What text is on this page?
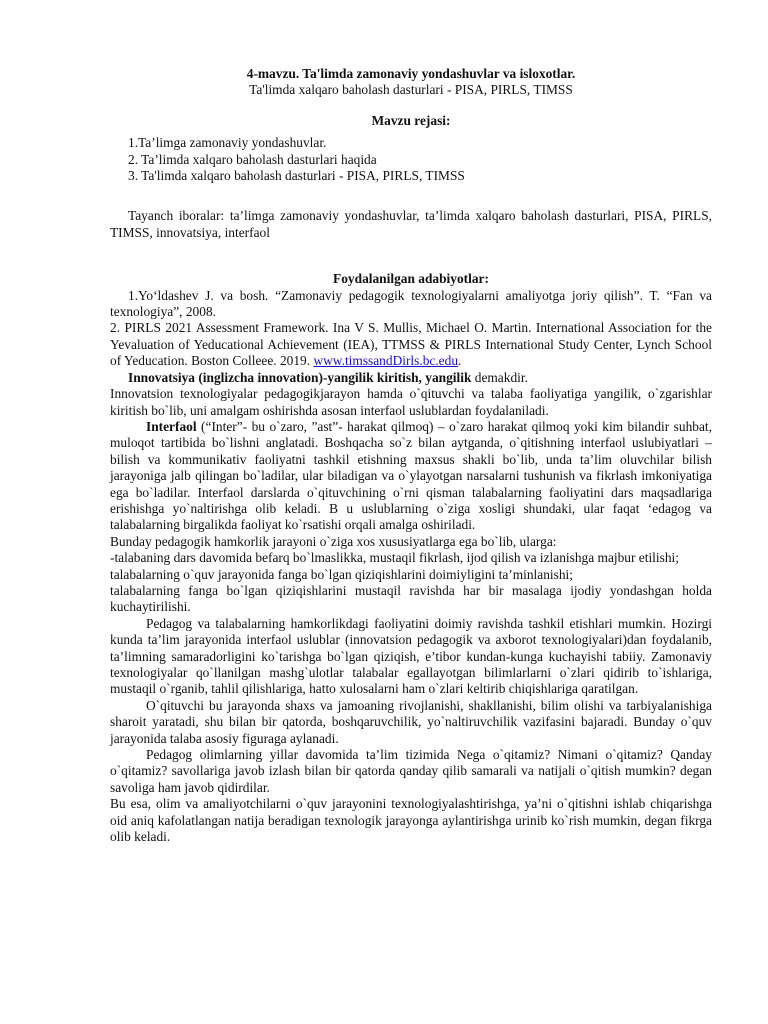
4-mavzu. Ta'limda zamonaviy yondashuvlar va isloxotlar.

Ta'limda xalqaro baholash dasturlari - PISA, PIRLS, TIMSS

Mavzu rejasi:

1.Ta’limga zamonaviy yondashuvlar.

2. Ta’limda xalqaro baholash dasturlari haqida

3. Ta'limda xalqaro baholash dasturlari - PISA, PIRLS, TIMSS

Tayanch iboralar: ta’limga zamonaviy yondashuvlar, ta’limda xalqaro baholash dasturlari, PISA, PIRLS, TIMSS, innovatsiya, interfaol

Foydalanilgan adabiyotlar:

1.Yo‘ldashev J. va bosh. “Zamonaviy pedagogik texnologiyalarni amaliyotga joriy qilish”. T. “Fan va texnologiya”, 2008.

2. PIRLS 2021 Assessment Framework. Ina V S. Mullis, Michael O. Martin. International Association for the Yevaluation of Yeducational Achievement (IEA), TTMSS & PIRLS International Study Center, Lynch School of Yeducation. Boston Colleee. 2019. www.timssandDirls.bc.edu.

Innovatsiya (inglizcha innovation)-yangilik kiritish, yangilik demakdir.

Innovatsion texnologiyalar pedagogikjarayon hamda o`qituvchi va talaba faoliyatiga yangilik, o`zgarishlar kiritish bo`lib, uni amalgam oshirishda asosan interfaol uslublardan foydalaniladi.

Interfaol (“Inter”- bu o`zaro, ”ast”- harakat qilmoq) – o`zaro harakat qilmoq yoki kim bilandir suhbat, muloqot tartibida bo`lishni anglatadi. Boshqacha so`z bilan aytganda, o`qitishning interfaol uslubiyatlari – bilish va kommunikativ faoliyatni tashkil etishning maxsus shakli bo`lib, unda ta’lim oluvchilar bilish jarayoniga jalb qilingan bo`ladilar, ular biladigan va o`ylayotgan narsalarni tushunish va fikrlash imkoniyatiga ega bo`ladilar. Interfaol darslarda o`qituvchining o`rni qisman talabalarning faoliyatini dars maqsadlariga erishishga yo`naltirishga olib keladi. B u uslublarning o`ziga xosligi shundaki, ular faqat ‘edagog va talabalarning birgalikda faoliyat ko`rsatishi orqali amalga oshiriladi.

Bunday pedagogik hamkorlik jarayoni o`ziga xos xususiyatlarga ega bo`lib, ularga:

-talabaning dars davomida befarq bo`lmaslikka, mustaqil fikrlash, ijod qilish va izlanishga majbur etilishi;

talabalarning o`quv jarayonida fanga bo`lgan qiziqishlarini doimiyligini ta’minlanishi;

talabalarning fanga bo`lgan qiziqishlarini mustaqil ravishda har bir masalaga ijodiy yondashgan holda kuchaytirilishi.

Pedagog va talabalarning hamkorlikdagi faoliyatini doimiy ravishda tashkil etishlari mumkin. Hozirgi kunda ta’lim jarayonida interfaol uslublar (innovatsion pedagogik va axborot texnologiyalari)dan foydalanib, ta’limning samaradorligini ko`tarishga bo`lgan qiziqish, e’tibor kundan-kunga kuchayishi tabiiy. Zamonaviy texnologiyalar qo`llanilgan mashg`ulotlar talabalar egallayotgan bilimlarlarni o`zlari qidirib to`ishlariga, mustaqil o`rganib, tahlil qilishlariga, hatto xulosalarni ham o`zlari keltirib chiqishlariga qaratilgan.

O`qituvchi bu jarayonda shaxs va jamoaning rivojlanishi, shakllanishi, bilim olishi va tarbiyalanishiga sharoit yaratadi, shu bilan bir qatorda, boshqaruvchilik, yo`naltiruvchilik vazifasini bajaradi. Bunday o`quv jarayonida talaba asosiy figuraga aylanadi.

Pedagog olimlarning yillar davomida ta’lim tizimida Nega o`qitamiz? Nimani o`qitamiz? Qanday o`qitamiz? savollariga javob izlash bilan bir qatorda qanday qilib samarali va natijali o`qitish mumkin? degan savoliga ham javob qidirdilar.

Bu esa, olim va amaliyotchilarni o`quv jarayonini texnologiyalashtirishga, ya’ni o`qitishni ishlab chiqarishga oid aniq kafolatlangan natija beradigan texnologik jarayonga aylantirishga urinib ko`rish mumkin, degan fikrga olib keladi.
